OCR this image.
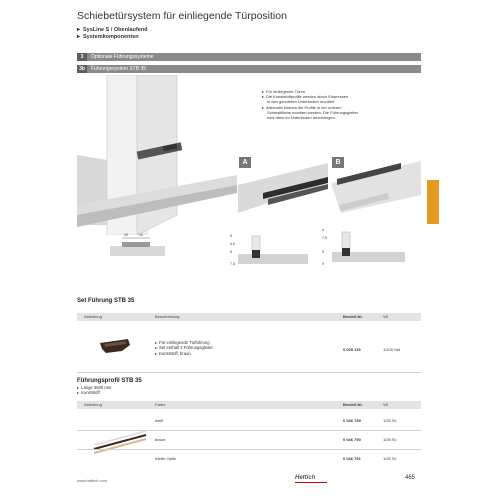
Schiebetürsystem für einliegende Türposition
▸ SysLine S / Obenlaufend
▸ Systemkomponenten
3	Optionale Führungssysteme
3b	Führungssystem STB 35
▸ Für einliegende Türen
▸ Die Kunststoffprofile werden durch Einpressen
in den genuteten Unterboden montiert
▸ Alternativ können die Profile in der unteren
Schmalfläche montiert werden. Die Führungsgleiter
sind dann im Unterboden anzubringen.
A	B
10	10	9
7,5
4,5
5
4
7,5
5
9
Set Führung STB 35
Abbildung	Beschreibung	Bestell-Nr.	VE
▸ Für einliegende Türführung
▸ Set enthält 2 Führungsgleiter
▸ Kunststoff, braun
0 025 119	1/100 Set
Führungsprofil STB 35
▸ Länge 3500 mm
▸ Kunststoff
Abbildung	Farbe	Bestell-Nr.	VE
weiß	0 046 789	1/25 St.
braun	0 046 790	1/25 St.
Kiefer Optik	0 046 791	1/25 St.
www.hettich.com	Hettich	465
